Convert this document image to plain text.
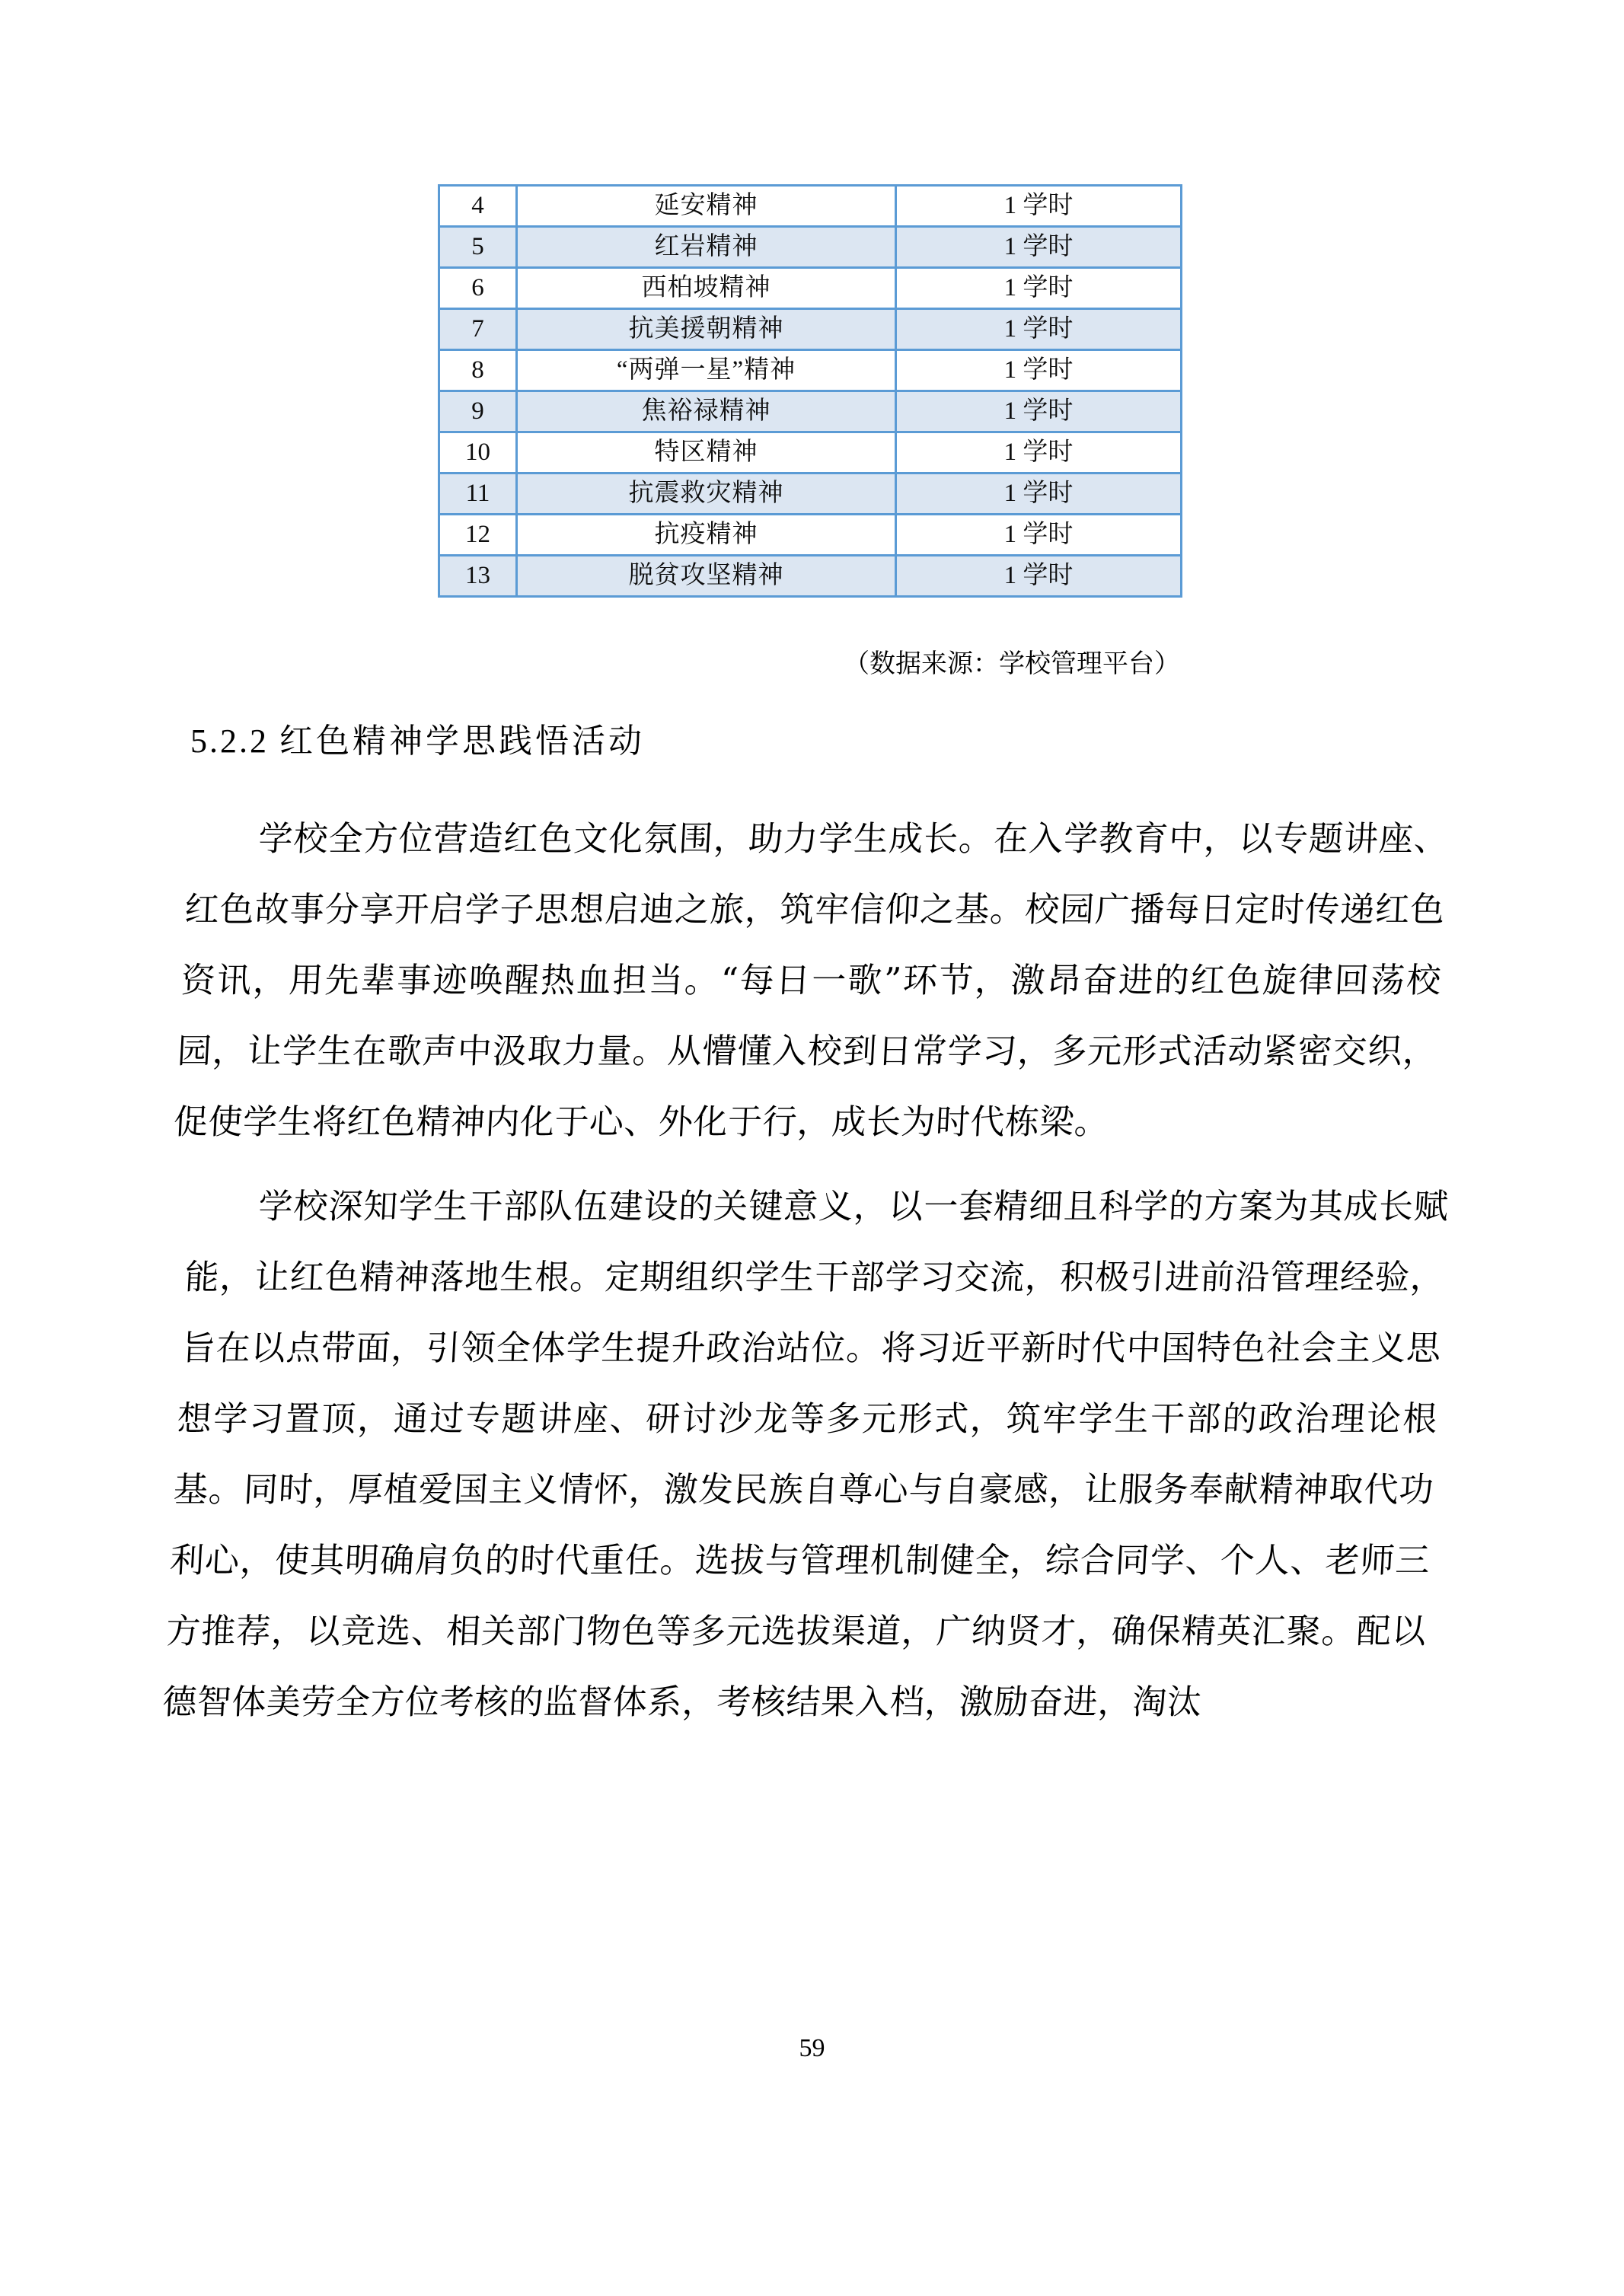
4	延安精神	1 学时
5	红岩精神	1 学时
6	西柏坡精神	1 学时
7	抗美援朝精神	1 学时
8	“两弹一星”精神	1 学时
9	焦裕禄精神	1 学时
10	特区精神	1 学时
11	抗震救灾精神	1 学时
12	抗疫精神	1 学时
13	脱贫攻坚精神	1 学时
（数据来源：学校管理平台）
5.2.2 红色精神学思践悟活动

学校全方位营造红色文化氛围，助力学生成长。在入学教育中，以专题讲座、红色故事分享开启学子思想启迪之旅，筑牢信仰之基。校园广播每日定时传递红色资讯，用先辈事迹唤醒热血担当。“每日一歌”环节，激昂奋进的红色旋律回荡校园，让学生在歌声中汲取力量。从懵懂入校到日常学习，多元形式活动紧密交织，促使学生将红色精神内化于心、外化于行，成长为时代栋梁。

学校深知学生干部队伍建设的关键意义，以一套精细且科学的方案为其成长赋能，让红色精神落地生根。定期组织学生干部学习交流，积极引进前沿管理经验，旨在以点带面，引领全体学生提升政治站位。将习近平新时代中国特色社会主义思想学习置顶，通过专题讲座、研讨沙龙等多元形式，筑牢学生干部的政治理论根基。同时，厚植爱国主义情怀，激发民族自尊心与自豪感，让服务奉献精神取代功利心，使其明确肩负的时代重任。选拔与管理机制健全，综合同学、个人、老师三方推荐，以竞选、相关部门物色等多元选拔渠道，广纳贤才，确保精英汇聚。配以德智体美劳全方位考核的监督体系，考核结果入档，激励奋进，淘汰

59
